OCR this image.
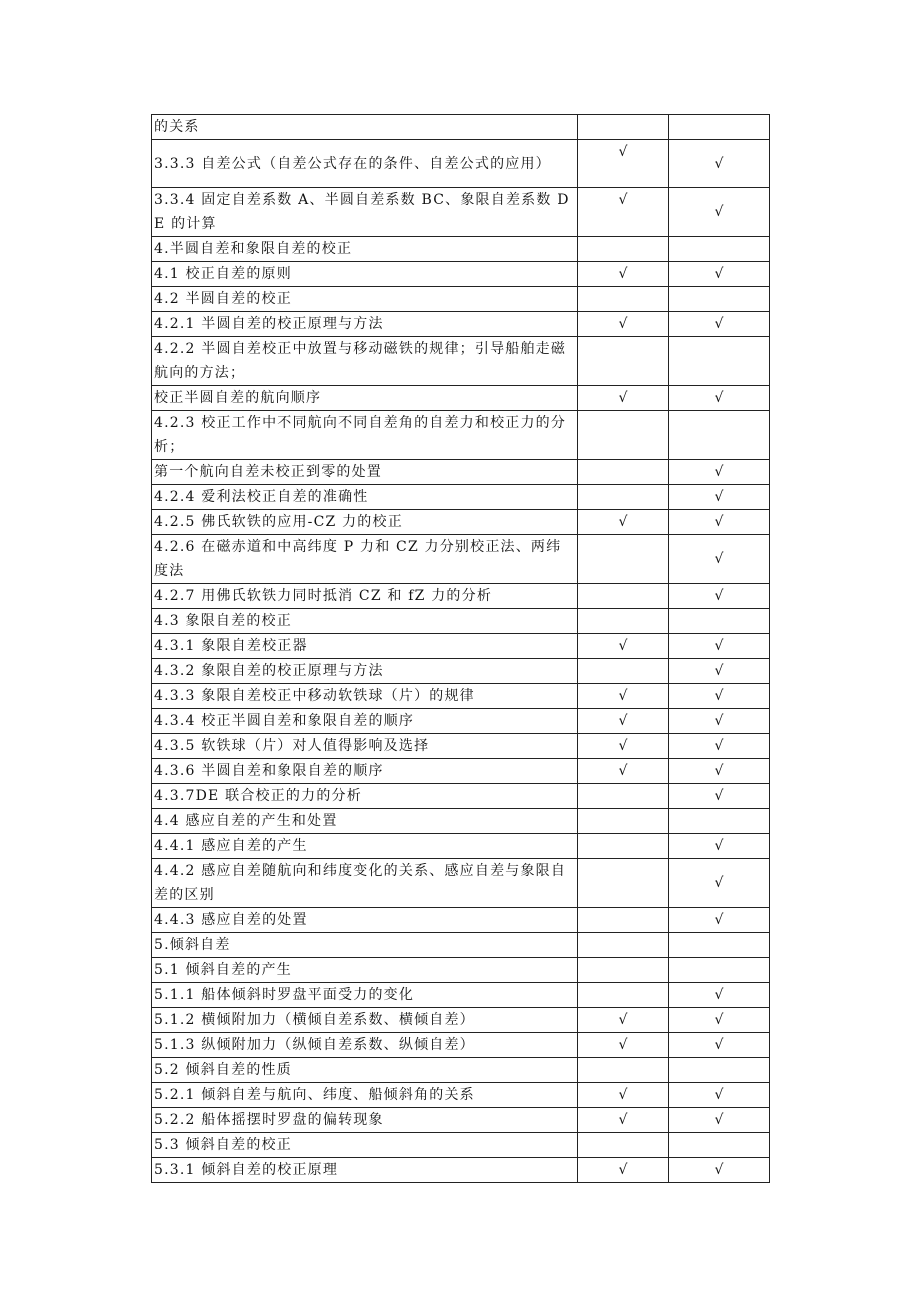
的关系		
3.3.3 自差公式（自差公式存在的条件、自差公式的应用）	√	√
3.3.4 固定自差系数 A、半圆自差系数 BC、象限自差系数 DE 的计算	√	√
4.半圆自差和象限自差的校正		
4.1 校正自差的原则	√	√
4.2 半圆自差的校正		
4.2.1 半圆自差的校正原理与方法	√	√
4.2.2 半圆自差校正中放置与移动磁铁的规律；引导船舶走磁航向的方法；		
校正半圆自差的航向顺序	√	√
4.2.3 校正工作中不同航向不同自差角的自差力和校正力的分析；		
第一个航向自差未校正到零的处置		√
4.2.4 爱利法校正自差的准确性		√
4.2.5 佛氏软铁的应用-CZ 力的校正	√	√
4.2.6 在磁赤道和中高纬度 P 力和 CZ 力分别校正法、两纬度法		√
4.2.7 用佛氏软铁力同时抵消 CZ 和 fZ 力的分析		√
4.3 象限自差的校正		
4.3.1 象限自差校正器	√	√
4.3.2 象限自差的校正原理与方法		√
4.3.3 象限自差校正中移动软铁球（片）的规律	√	√
4.3.4 校正半圆自差和象限自差的顺序	√	√
4.3.5 软铁球（片）对人值得影响及选择	√	√
4.3.6 半圆自差和象限自差的顺序	√	√
4.3.7DE 联合校正的力的分析		√
4.4 感应自差的产生和处置		
4.4.1 感应自差的产生		√
4.4.2 感应自差随航向和纬度变化的关系、感应自差与象限自差的区别		√
4.4.3 感应自差的处置		√
5.倾斜自差		
5.1 倾斜自差的产生		
5.1.1 船体倾斜时罗盘平面受力的变化		√
5.1.2 横倾附加力（横倾自差系数、横倾自差）	√	√
5.1.3 纵倾附加力（纵倾自差系数、纵倾自差）	√	√
5.2 倾斜自差的性质		
5.2.1 倾斜自差与航向、纬度、船倾斜角的关系	√	√
5.2.2 船体摇摆时罗盘的偏转现象	√	√
5.3 倾斜自差的校正		
5.3.1 倾斜自差的校正原理	√	√
